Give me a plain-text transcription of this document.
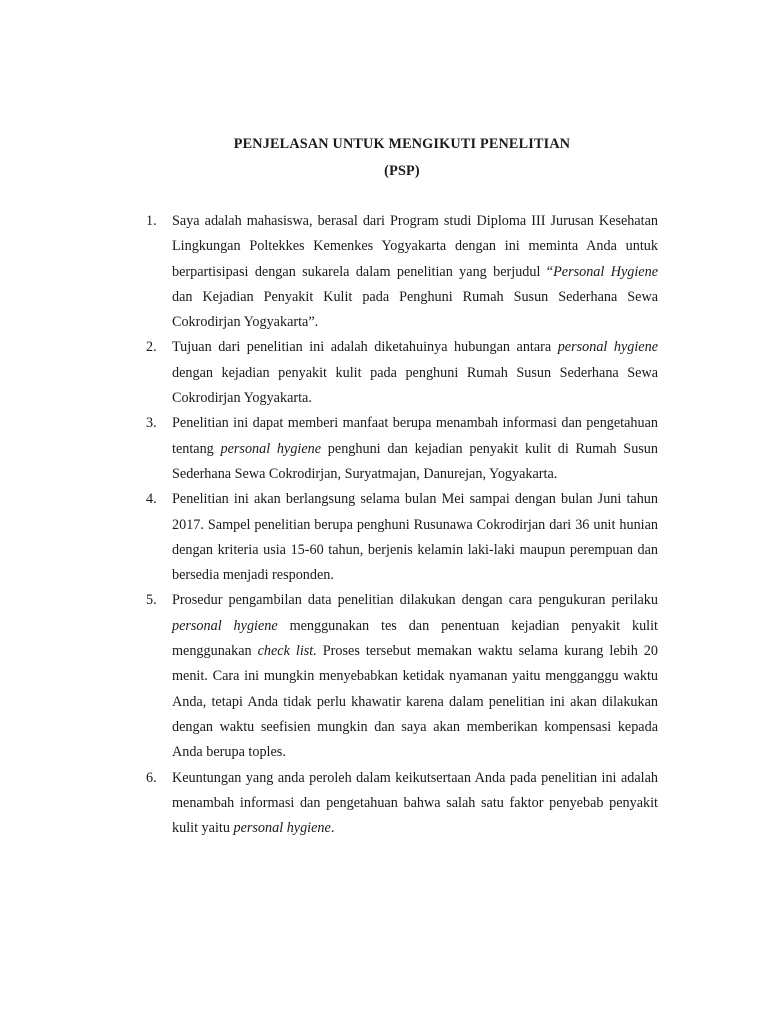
PENJELASAN UNTUK MENGIKUTI PENELITIAN

(PSP)

1. Saya adalah mahasiswa, berasal dari Program studi Diploma III Jurusan Kesehatan Lingkungan Poltekkes Kemenkes Yogyakarta dengan ini meminta Anda untuk berpartisipasi dengan sukarela dalam penelitian yang berjudul “Personal Hygiene dan Kejadian Penyakit Kulit pada Penghuni Rumah Susun Sederhana Sewa Cokrodirjan Yogyakarta”.
2. Tujuan dari penelitian ini adalah diketahuinya hubungan antara personal hygiene dengan kejadian penyakit kulit pada penghuni Rumah Susun Sederhana Sewa Cokrodirjan Yogyakarta.
3. Penelitian ini dapat memberi manfaat berupa menambah informasi dan pengetahuan tentang personal hygiene penghuni dan kejadian penyakit kulit di Rumah Susun Sederhana Sewa Cokrodirjan, Suryatmajan, Danurejan, Yogyakarta.
4. Penelitian ini akan berlangsung selama bulan Mei sampai dengan bulan Juni tahun 2017. Sampel penelitian berupa penghuni Rusunawa Cokrodirjan dari 36 unit hunian dengan kriteria usia 15-60 tahun, berjenis kelamin laki-laki maupun perempuan dan bersedia menjadi responden.
5. Prosedur pengambilan data penelitian dilakukan dengan cara pengukuran perilaku personal hygiene menggunakan tes dan penentuan kejadian penyakit kulit menggunakan check list. Proses tersebut memakan waktu selama kurang lebih 20 menit. Cara ini mungkin menyebabkan ketidak nyamanan yaitu mengganggu waktu Anda, tetapi Anda tidak perlu khawatir karena dalam penelitian ini akan dilakukan dengan waktu seefisien mungkin dan saya akan memberikan kompensasi kepada Anda berupa toples.
6. Keuntungan yang anda peroleh dalam keikutsertaan Anda pada penelitian ini adalah menambah informasi dan pengetahuan bahwa salah satu faktor penyebab penyakit kulit yaitu personal hygiene.
